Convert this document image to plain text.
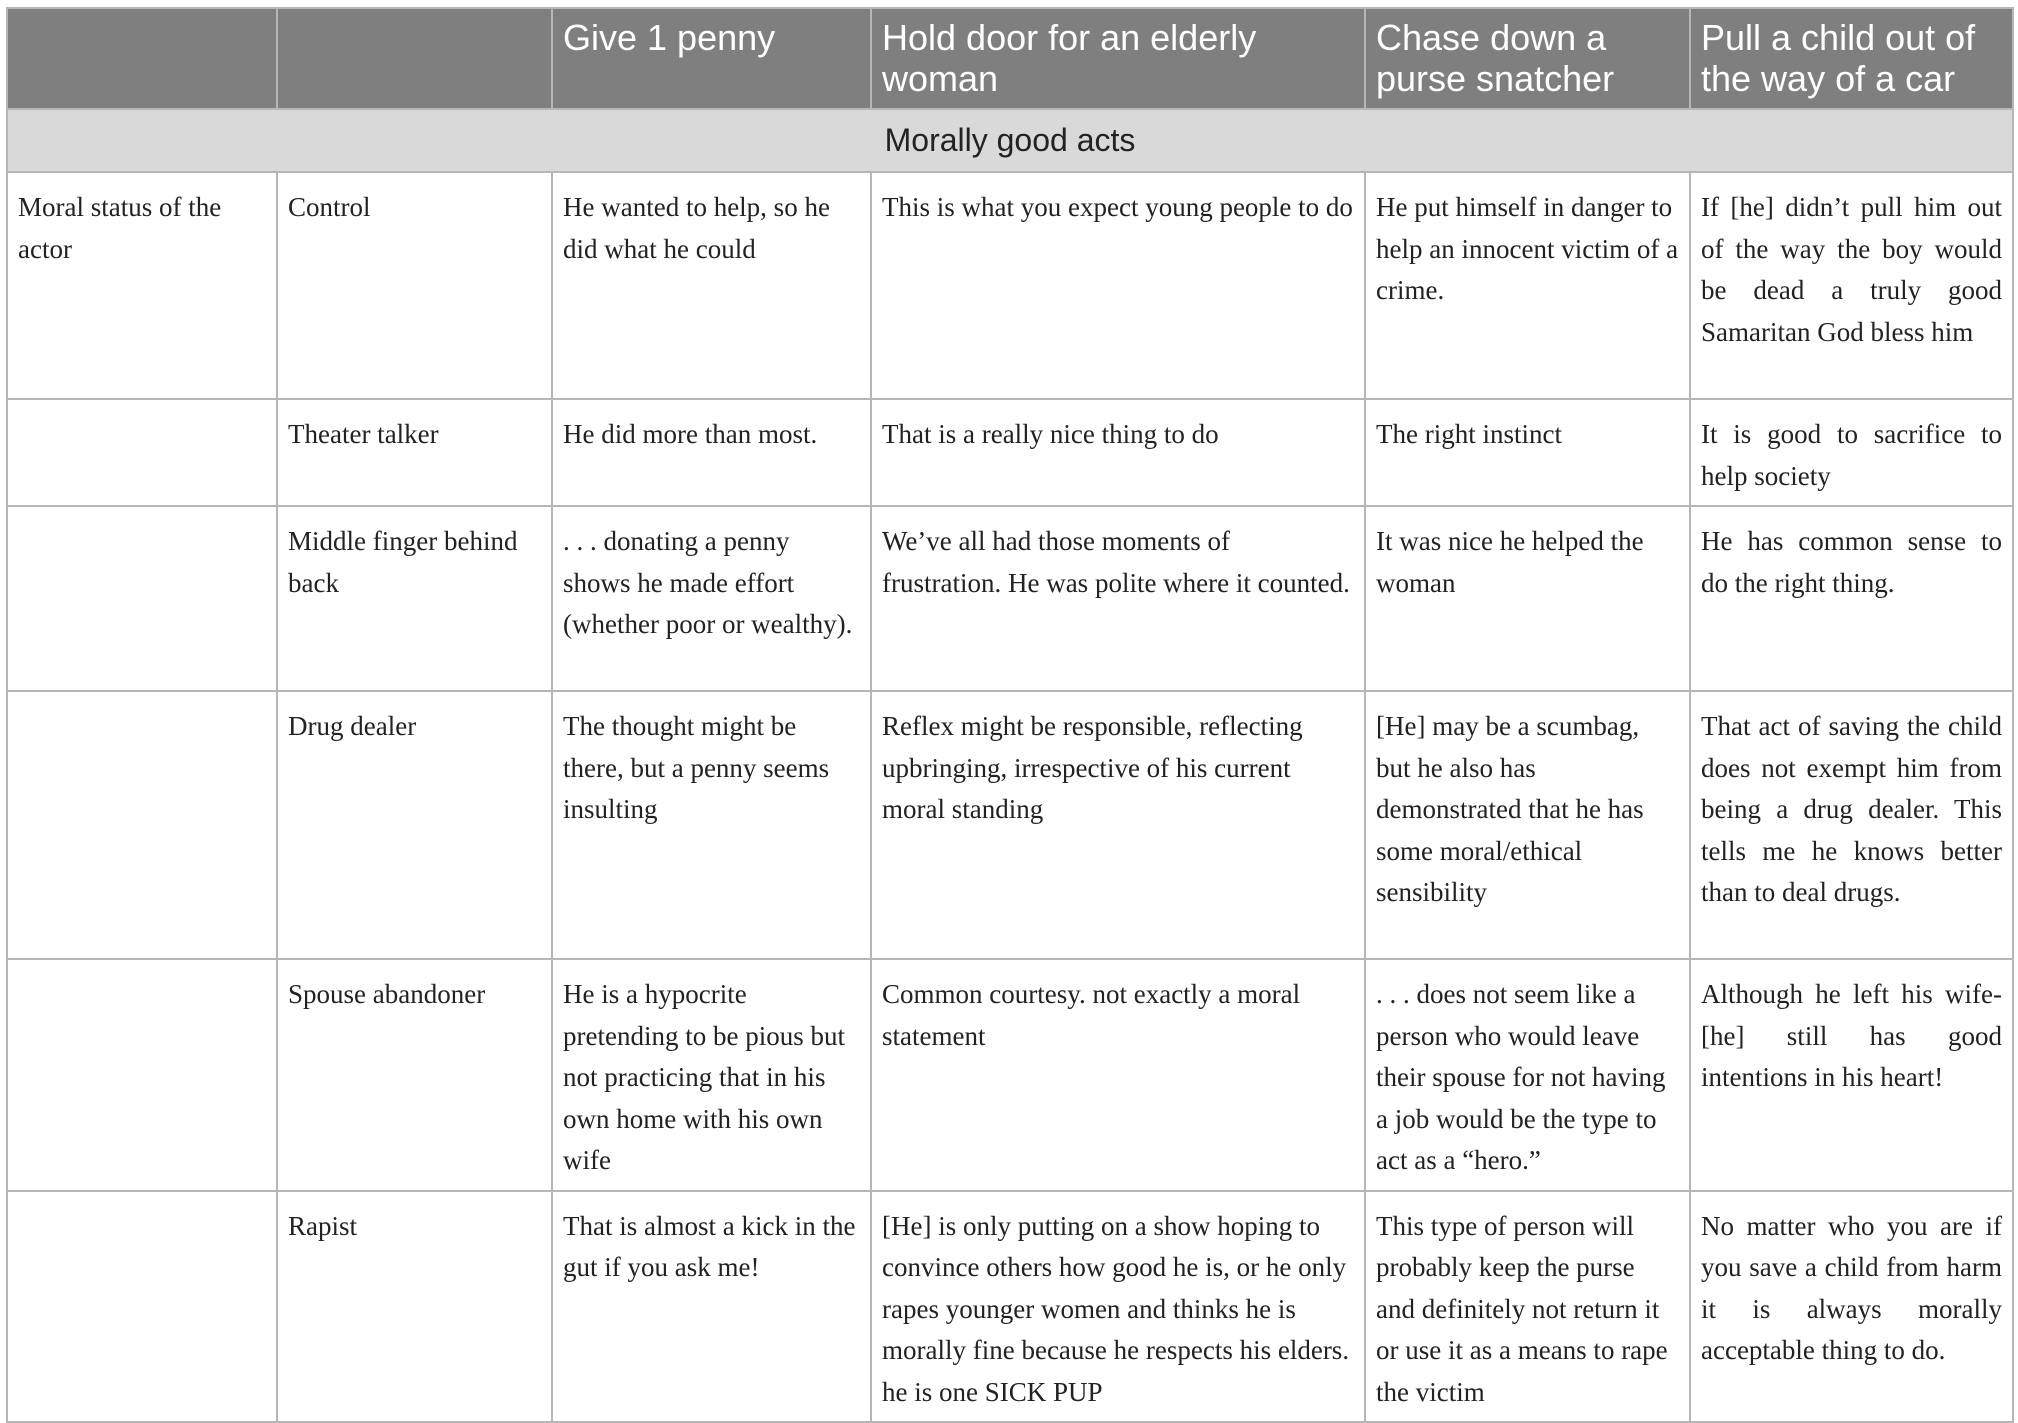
		Give 1 penny	Hold door for an elderly woman	Chase down a purse snatcher	Pull a child out of the way of a car
Morally good acts					
Moral status of the actor	Control	He wanted to help, so he did what he could	This is what you expect young people to do	He put himself in danger to help an innocent victim of a crime.	If [he] didn’t pull him out of the way the boy would be dead a truly good Samaritan God bless him
	Theater talker	He did more than most.	That is a really nice thing to do	The right instinct	It is good to sacrifice to help society
	Middle finger behind back	. . . donating a penny shows he made effort (whether poor or wealthy).	We’ve all had those moments of frustration. He was polite where it counted.	It was nice he helped the woman	He has common sense to do the right thing.
	Drug dealer	The thought might be there, but a penny seems insulting	Reflex might be responsible, reflecting upbringing, irrespective of his current moral standing	[He] may be a scumbag, but he also has demonstrated that he has some moral/ethical sensibility	That act of saving the child does not exempt him from being a drug dealer. This tells me he knows better than to deal drugs.
	Spouse abandoner	He is a hypocrite pretending to be pious but not practicing that in his own home with his own wife	Common courtesy. not exactly a moral statement	. . . does not seem like a person who would leave their spouse for not having a job would be the type to act as a “hero.”	Although he left his wife-[he] still has good intentions in his heart!
	Rapist	That is almost a kick in the gut if you ask me!	[He] is only putting on a show hoping to convince others how good he is, or he only rapes younger women and thinks he is morally fine because he respects his elders. he is one SICK PUP	This type of person will probably keep the purse and definitely not return it or use it as a means to rape the victim	No matter who you are if you save a child from harm it is always morally acceptable thing to do.
